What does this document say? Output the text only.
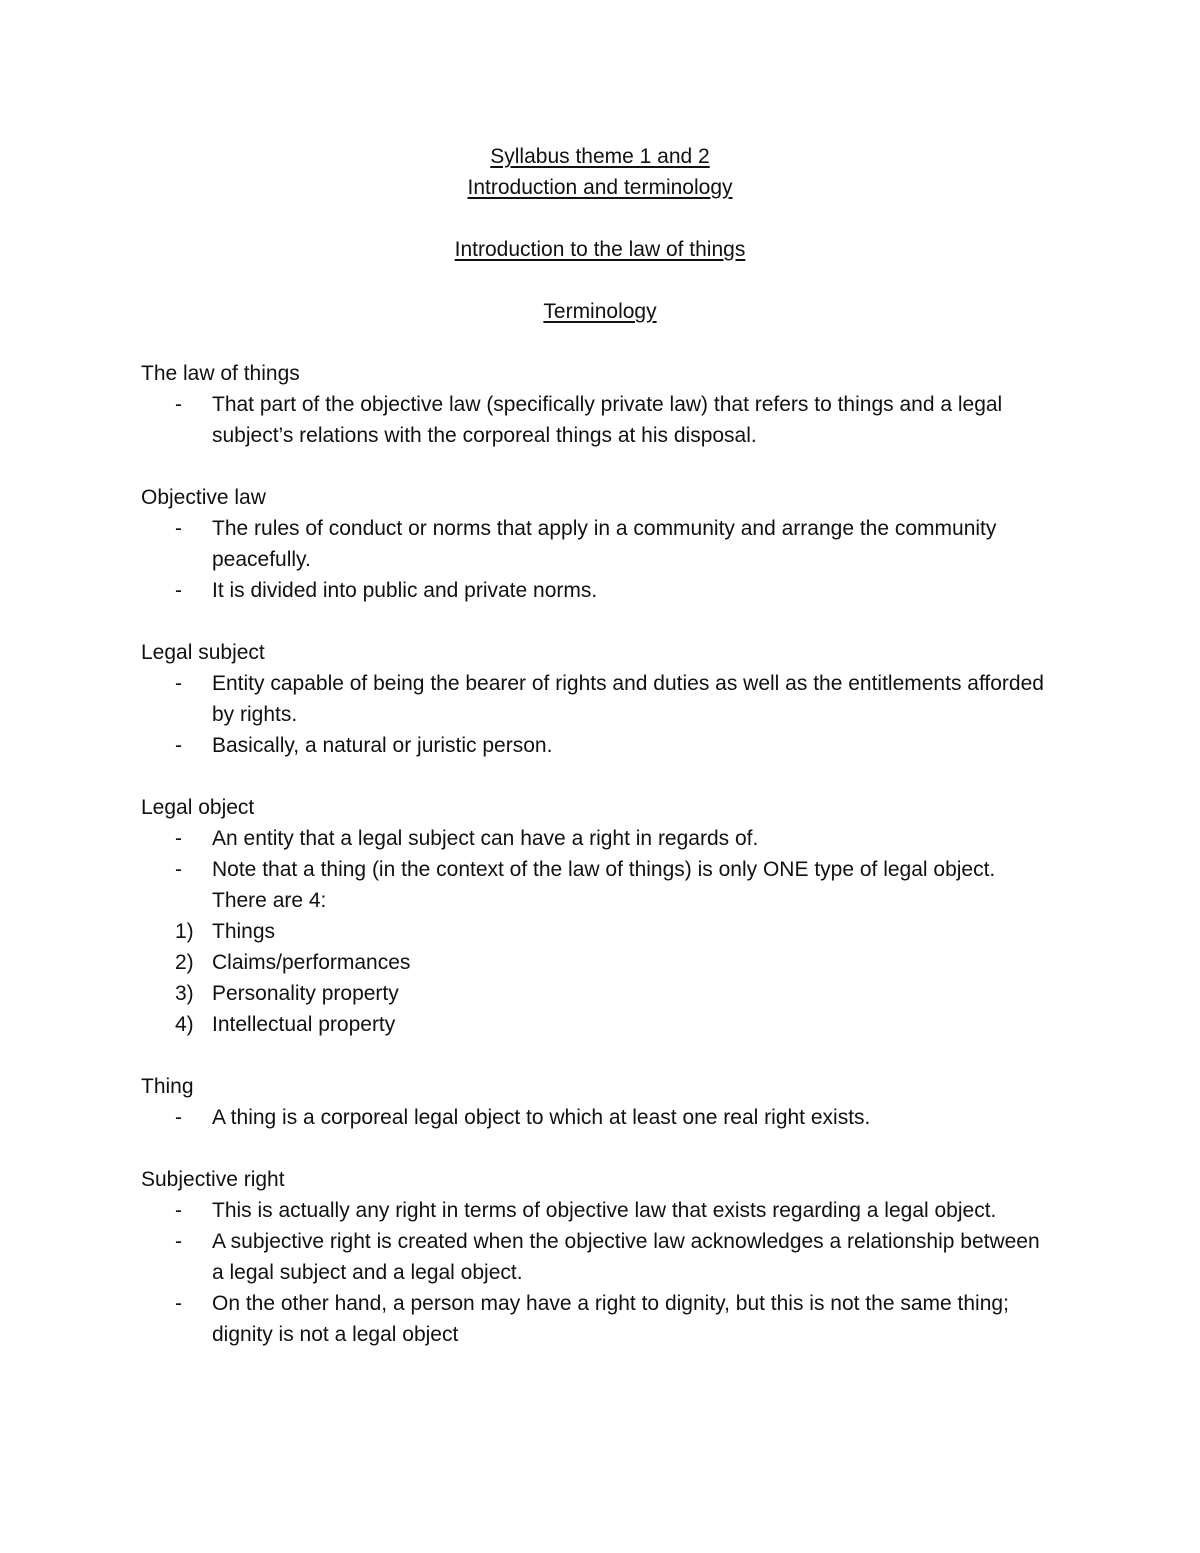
Syllabus theme 1 and 2
Introduction and terminology
Introduction to the law of things
Terminology
The law of things
- That part of the objective law (specifically private law) that refers to things and a legal subject’s relations with the corporeal things at his disposal.
Objective law
- The rules of conduct or norms that apply in a community and arrange the community peacefully.
- It is divided into public and private norms.
Legal subject
- Entity capable of being the bearer of rights and duties as well as the entitlements afforded by rights.
- Basically, a natural or juristic person.
Legal object
- An entity that a legal subject can have a right in regards of.
- Note that a thing (in the context of the law of things) is only ONE type of legal object. There are 4:
1) Things
2) Claims/performances
3) Personality property
4) Intellectual property
Thing
- A thing is a corporeal legal object to which at least one real right exists.
Subjective right
- This is actually any right in terms of objective law that exists regarding a legal object.
- A subjective right is created when the objective law acknowledges a relationship between a legal subject and a legal object.
- On the other hand, a person may have a right to dignity, but this is not the same thing; dignity is not a legal object
